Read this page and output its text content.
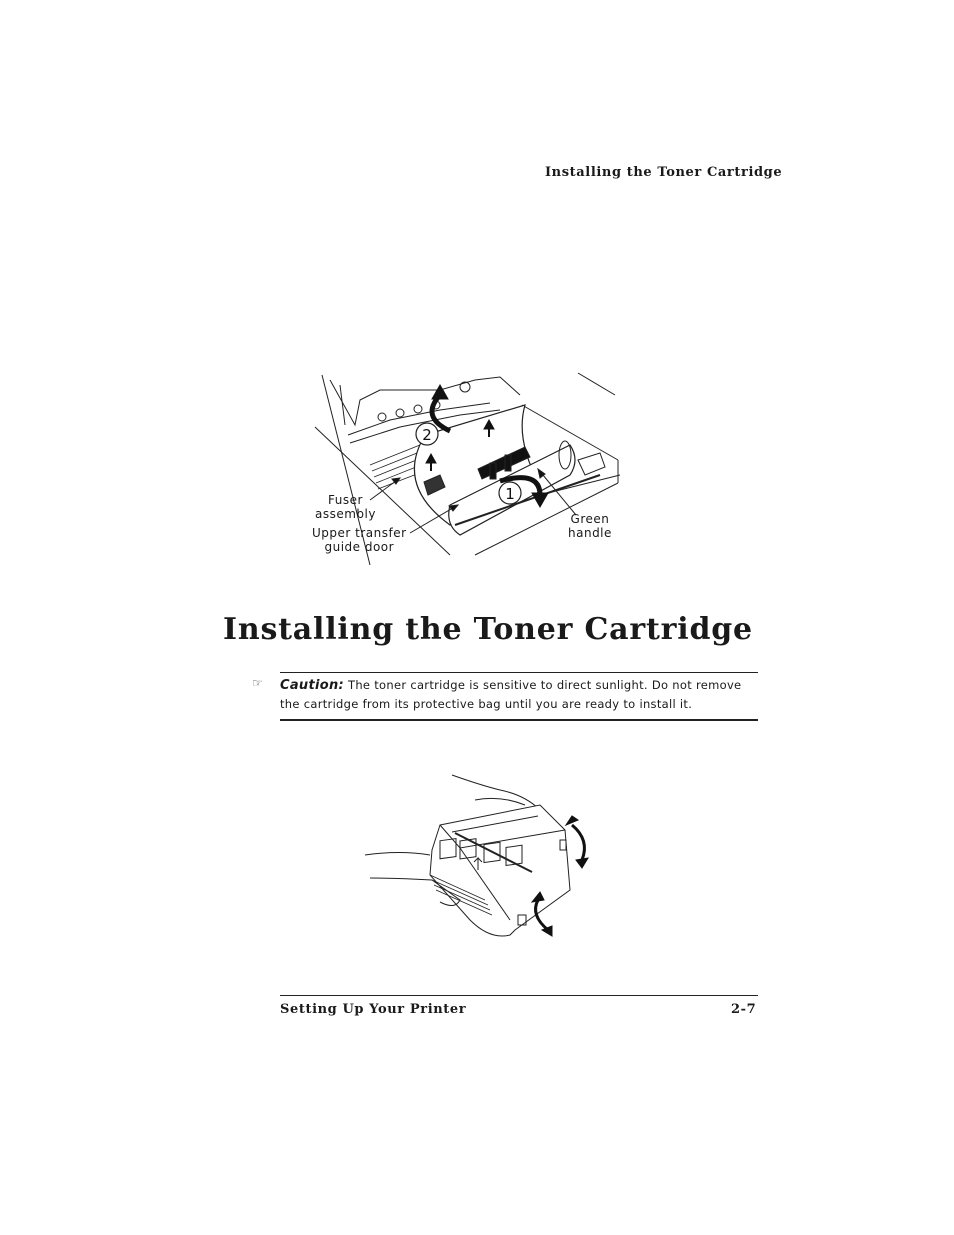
Installing the Toner Cartridge
2
1
Fuser
assembly
Upper transfer
guide door
Green
handle
Installing the Toner Cartridge
☞ Caution: The toner cartridge is sensitive to direct sunlight. Do not remove the cartridge from its protective bag until you are ready to install it.
Setting Up Your Printer	2-7
